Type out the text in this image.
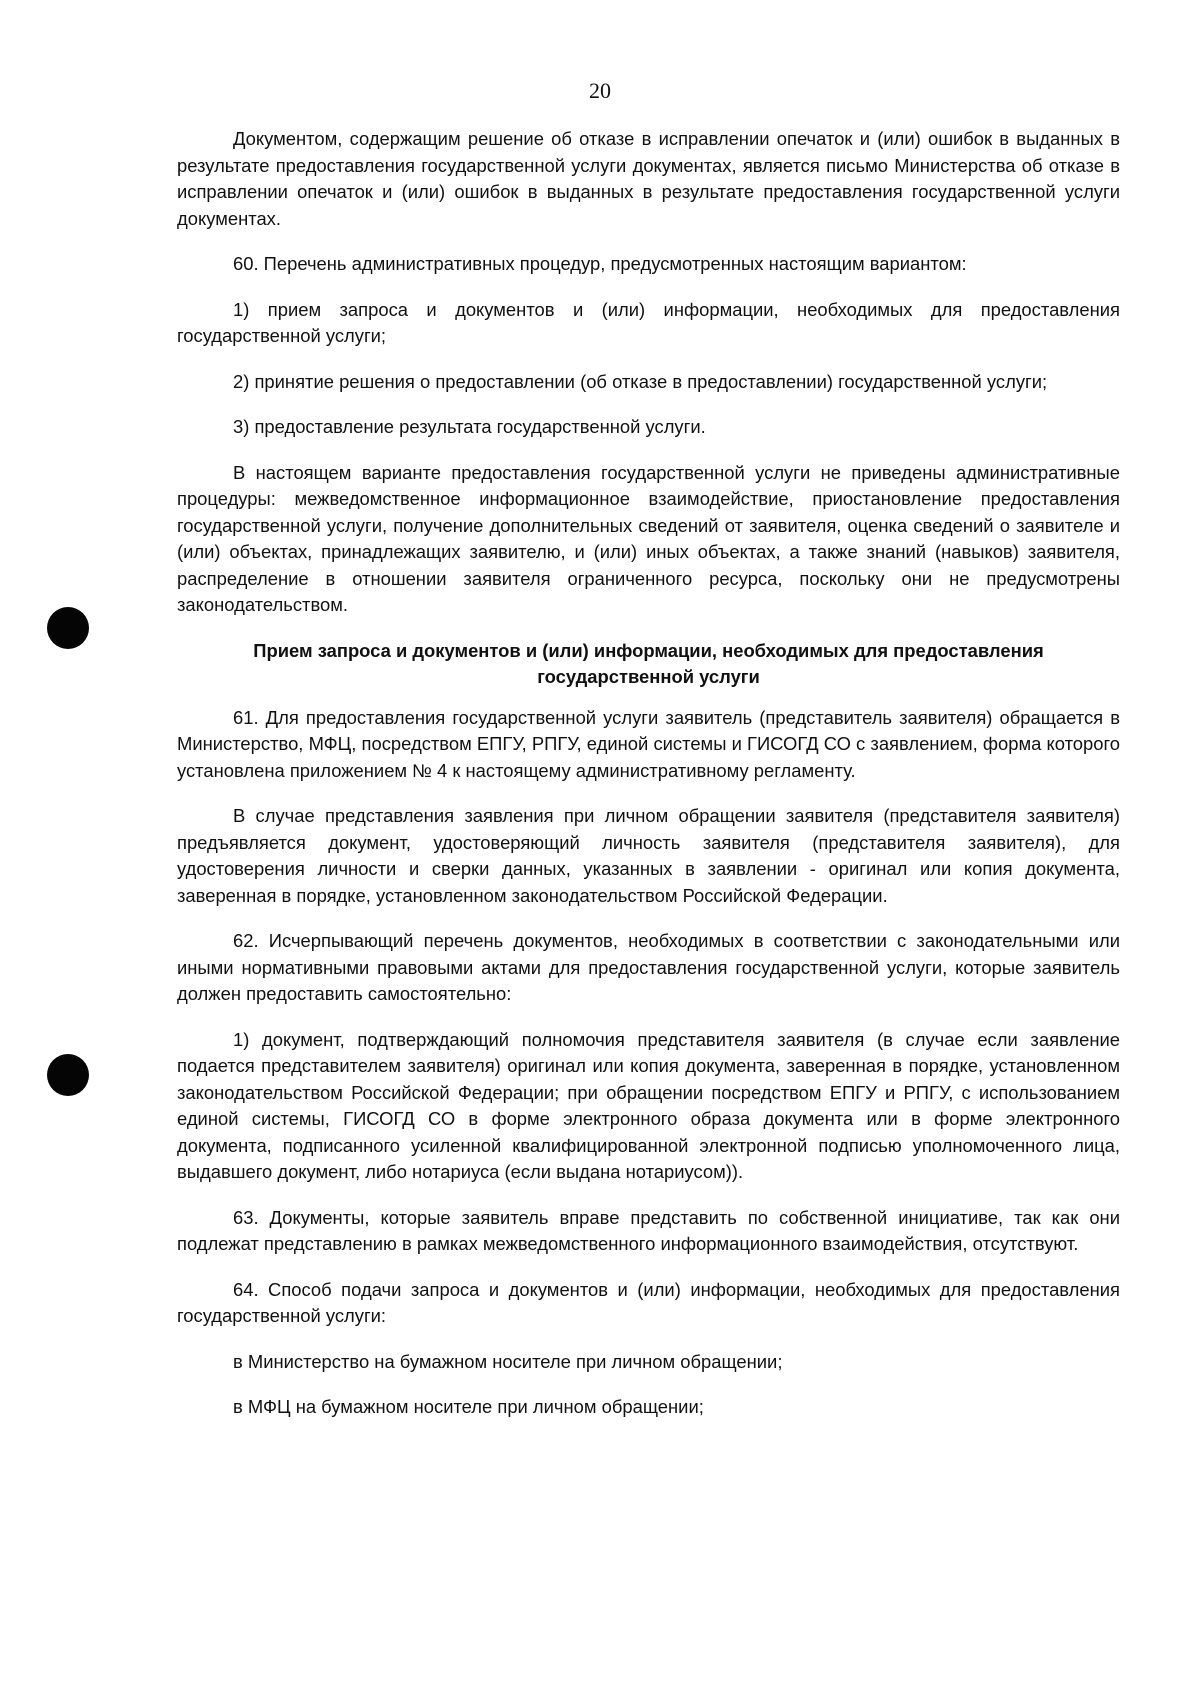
20

Документом, содержащим решение об отказе в исправлении опечаток и (или) ошибок в выданных в результате предоставления государственной услуги документах, является письмо Министерства об отказе в исправлении опечаток и (или) ошибок в выданных в результате предоставления государственной услуги документах.

60. Перечень административных процедур, предусмотренных настоящим вариантом:

1) прием запроса и документов и (или) информации, необходимых для предоставления государственной услуги;

2) принятие решения о предоставлении (об отказе в предоставлении) государственной услуги;

3) предоставление результата государственной услуги.

В настоящем варианте предоставления государственной услуги не приведены административные процедуры: межведомственное информационное взаимодействие, приостановление предоставления государственной услуги, получение дополнительных сведений от заявителя, оценка сведений о заявителе и (или) объектах, принадлежащих заявителю, и (или) иных объектах, а также знаний (навыков) заявителя, распределение в отношении заявителя ограниченного ресурса, поскольку они не предусмотрены законодательством.

Прием запроса и документов и (или) информации, необходимых для предоставления государственной услуги

61. Для предоставления государственной услуги заявитель (представитель заявителя) обращается в Министерство, МФЦ, посредством ЕПГУ, РПГУ, единой системы и ГИСОГД СО с заявлением, форма которого установлена приложением № 4 к настоящему административному регламенту.

В случае представления заявления при личном обращении заявителя (представителя заявителя) предъявляется документ, удостоверяющий личность заявителя (представителя заявителя), для удостоверения личности и сверки данных, указанных в заявлении - оригинал или копия документа, заверенная в порядке, установленном законодательством Российской Федерации.

62. Исчерпывающий перечень документов, необходимых в соответствии с законодательными или иными нормативными правовыми актами для предоставления государственной услуги, которые заявитель должен предоставить самостоятельно:

1) документ, подтверждающий полномочия представителя заявителя (в случае если заявление подается представителем заявителя) оригинал или копия документа, заверенная в порядке, установленном законодательством Российской Федерации; при обращении посредством ЕПГУ и РПГУ, с использованием единой системы, ГИСОГД СО в форме электронного образа документа или в форме электронного документа, подписанного усиленной квалифицированной электронной подписью уполномоченного лица, выдавшего документ, либо нотариуса (если выдана нотариусом)).

63. Документы, которые заявитель вправе представить по собственной инициативе, так как они подлежат представлению в рамках межведомственного информационного взаимодействия, отсутствуют.

64. Способ подачи запроса и документов и (или) информации, необходимых для предоставления государственной услуги:

в Министерство на бумажном носителе при личном обращении;

в МФЦ на бумажном носителе при личном обращении;
